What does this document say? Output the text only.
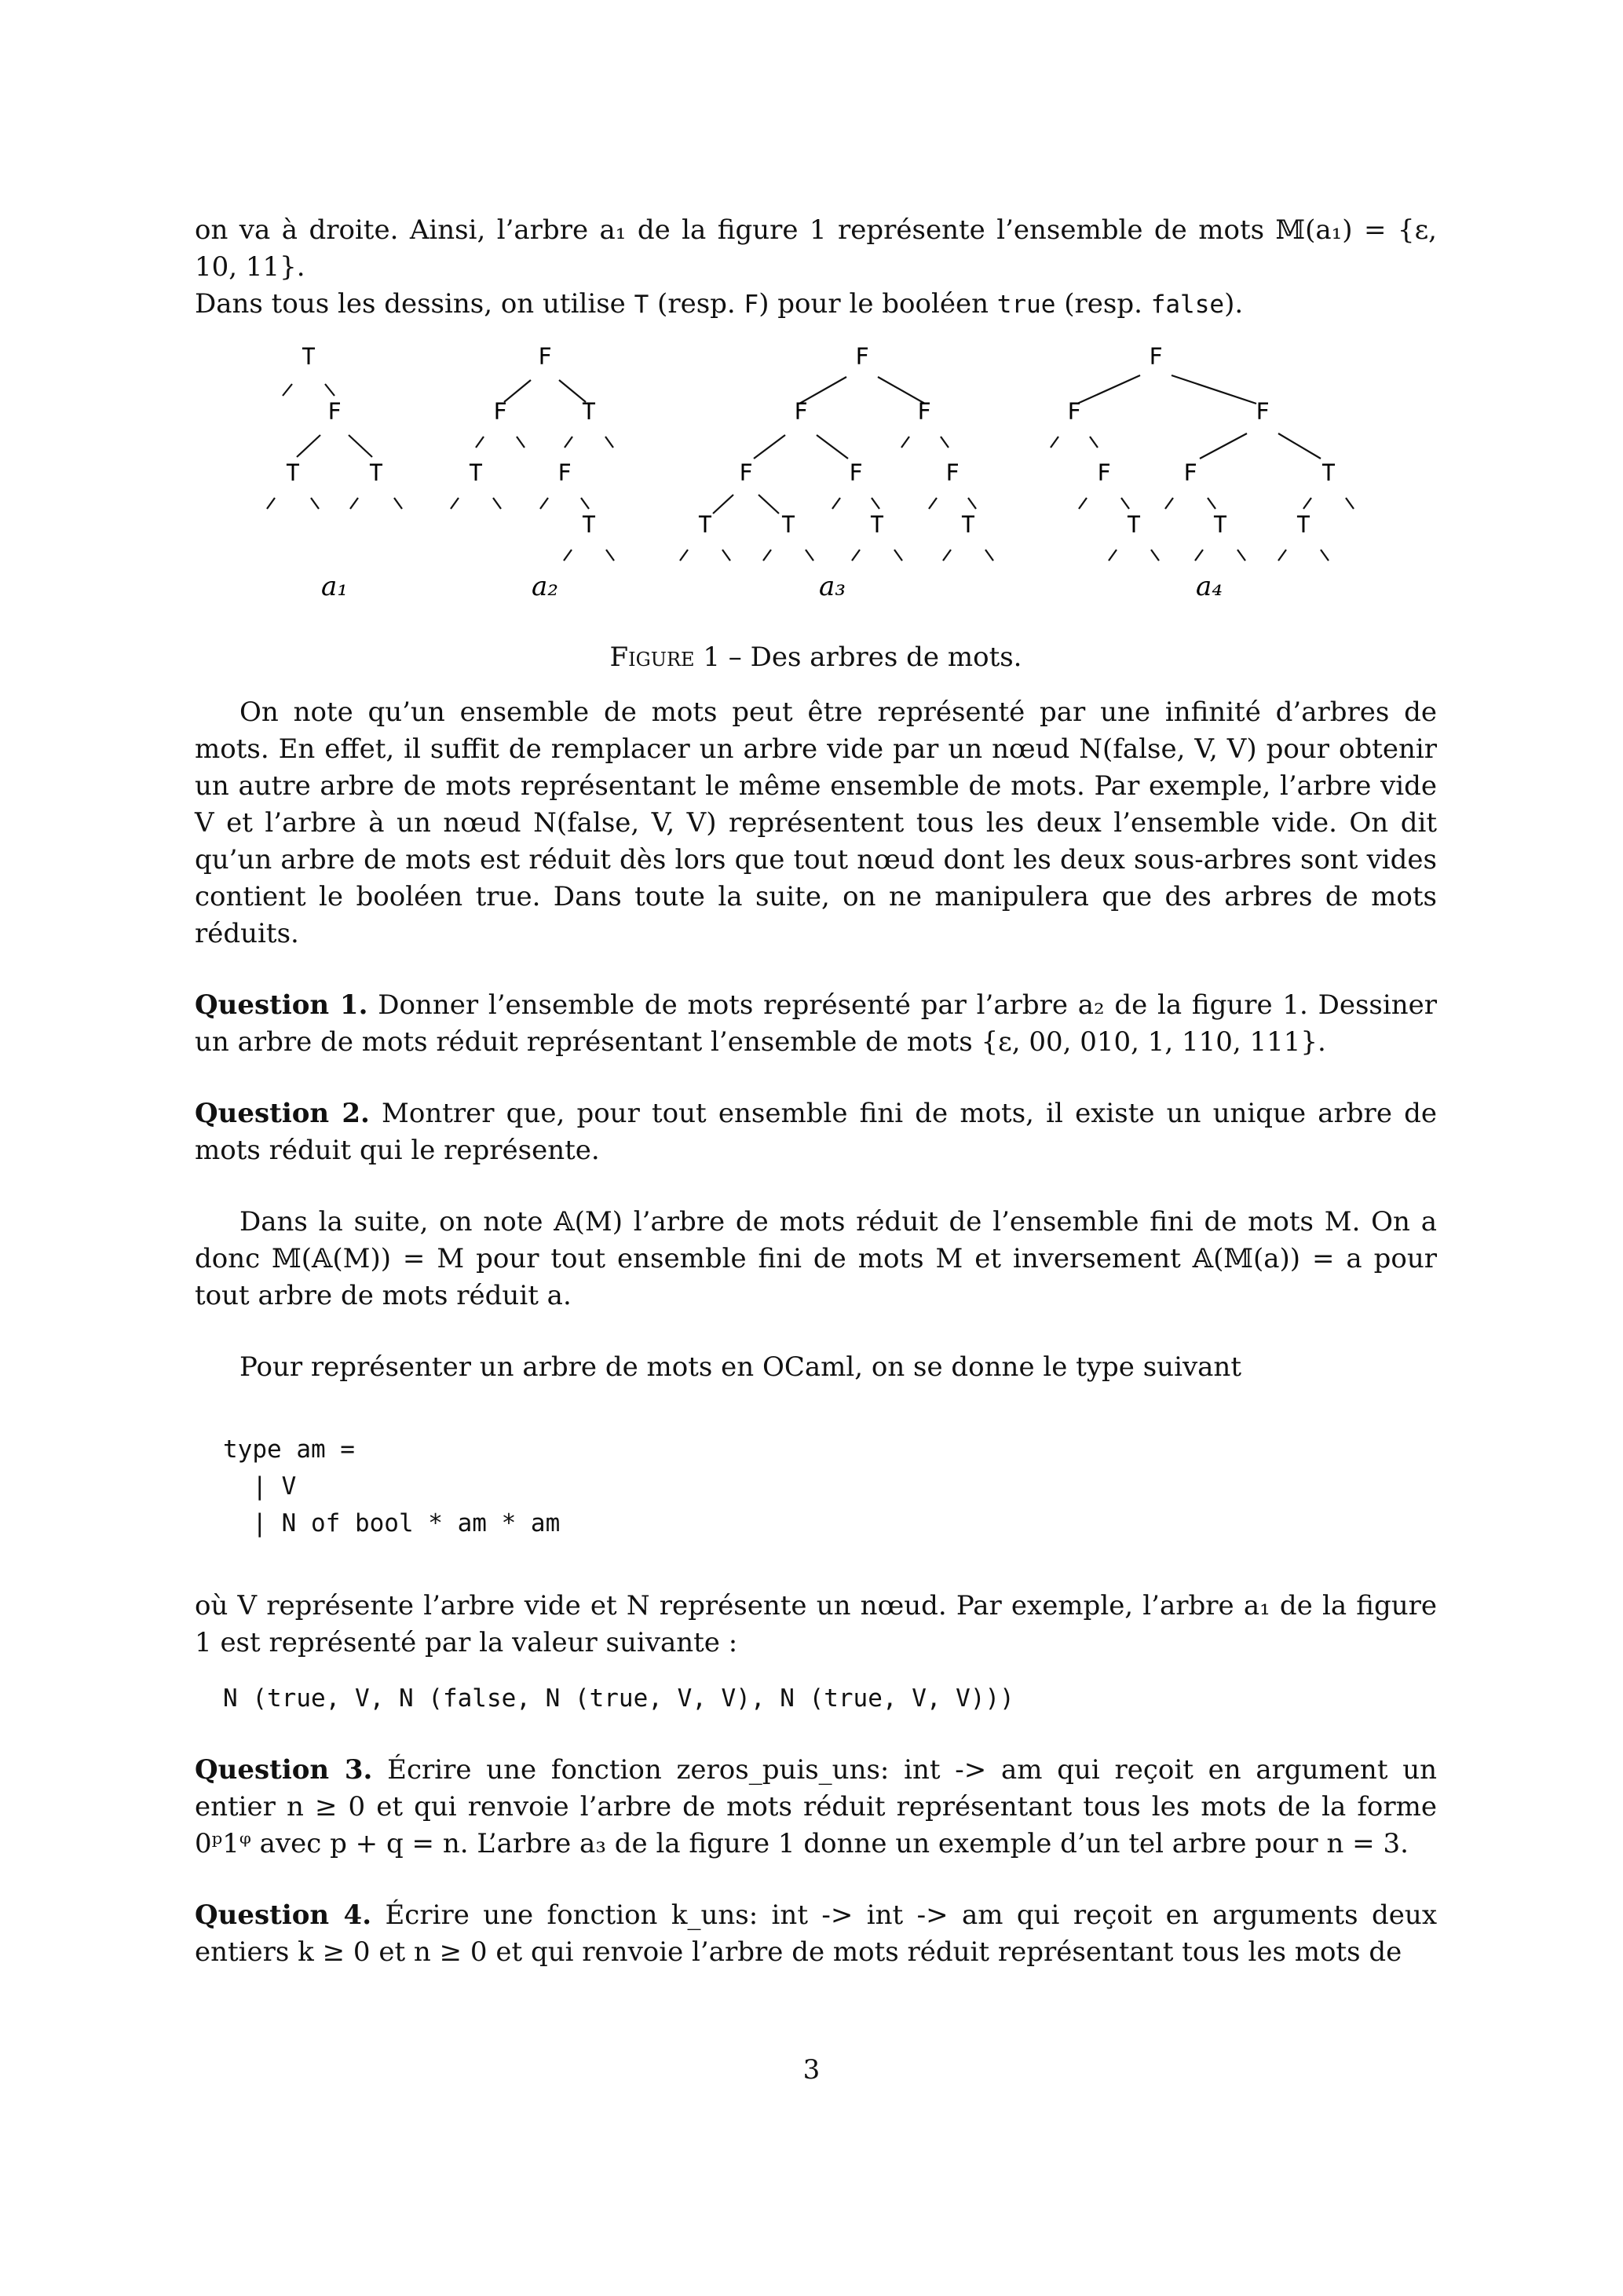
on va à droite. Ainsi, l’arbre a₁ de la figure 1 représente l’ensemble de mots 𝕄(a₁) = {ε, 10, 11}.

Dans tous les dessins, on utilise T (resp. F) pour le booléen true (resp. false).

T
F
T	T
F
F	T
T	F
T
F
F	F
F	F	F
T	T	T	T
F
F	F
F	F	T
T	T	T
a₁	a₂	a₃	a₄
Figure 1 – Des arbres de mots.

On note qu’un ensemble de mots peut être représenté par une infinité d’arbres de mots. En effet, il suffit de remplacer un arbre vide par un nœud N(false, V, V) pour obtenir un autre arbre de mots représentant le même ensemble de mots. Par exemple, l’arbre vide V et l’arbre à un nœud N(false, V, V) représentent tous les deux l’ensemble vide. On dit qu’un arbre de mots est réduit dès lors que tout nœud dont les deux sous-arbres sont vides contient le booléen true. Dans toute la suite, on ne manipulera que des arbres de mots réduits.

Question 1. Donner l’ensemble de mots représenté par l’arbre a₂ de la figure 1. Dessiner un arbre de mots réduit représentant l’ensemble de mots {ε, 00, 010, 1, 110, 111}.

Question 2. Montrer que, pour tout ensemble fini de mots, il existe un unique arbre de mots réduit qui le représente.

Dans la suite, on note 𝔸(M) l’arbre de mots réduit de l’ensemble fini de mots M. On a donc 𝕄(𝔸(M)) = M pour tout ensemble fini de mots M et inversement 𝔸(𝕄(a)) = a pour tout arbre de mots réduit a.

Pour représenter un arbre de mots en OCaml, on se donne le type suivant

type am =
| V
| N of bool * am * am

où V représente l’arbre vide et N représente un nœud. Par exemple, l’arbre a₁ de la figure 1 est représenté par la valeur suivante :

N (true, V, N (false, N (true, V, V), N (true, V, V)))

Question 3. Écrire une fonction zeros_puis_uns: int -> am qui reçoit en argument un entier n ≥ 0 et qui renvoie l’arbre de mots réduit représentant tous les mots de la forme 0ᵖ1ᵠ avec p + q = n. L’arbre a₃ de la figure 1 donne un exemple d’un tel arbre pour n = 3.

Question 4. Écrire une fonction k_uns: int -> int -> am qui reçoit en arguments deux entiers k ≥ 0 et n ≥ 0 et qui renvoie l’arbre de mots réduit représentant tous les mots de

3
